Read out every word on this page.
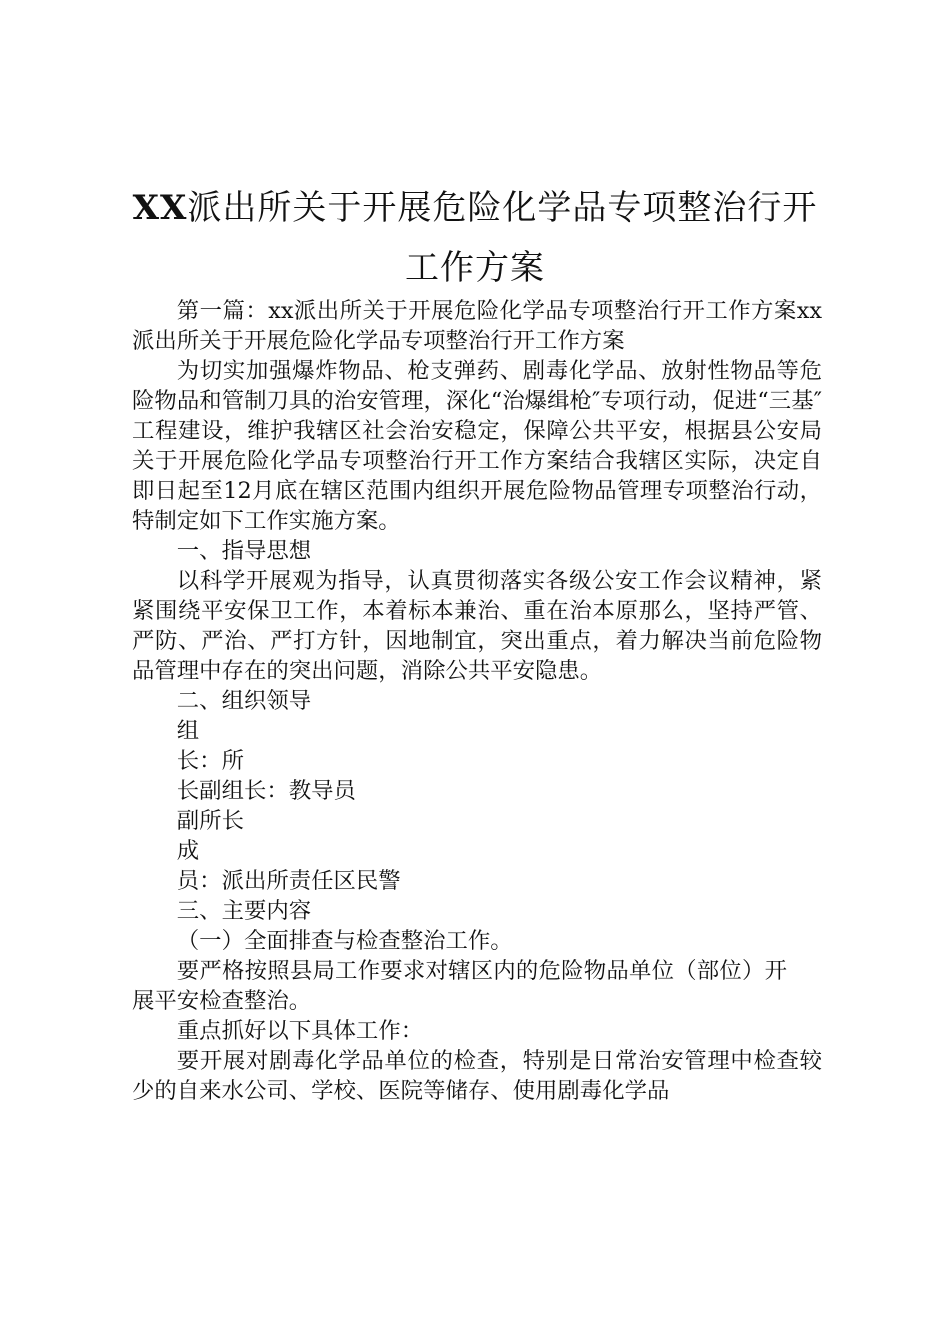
XX派出所关于开展危险化学品专项整治行开
工作方案

第一篇：xx派出所关于开展危险化学品专项整治行开工作方案xx派出所关于开展危险化学品专项整治行开工作方案

为切实加强爆炸物品、枪支弹药、剧毒化学品、放射性物品等危险物品和管制刀具的治安管理，深化“治爆缉枪″专项行动，促进“三基″工程建设，维护我辖区社会治安稳定，保障公共平安，根据县公安局关于开展危险化学品专项整治行开工作方案结合我辖区实际，决定自即日起至12月底在辖区范围内组织开展危险物品管理专项整治行动，特制定如下工作实施方案。

一、指导思想

以科学开展观为指导，认真贯彻落实各级公安工作会议精神，紧紧围绕平安保卫工作，本着标本兼治、重在治本原那么，坚持严管、严防、严治、严打方针，因地制宜，突出重点，着力解决当前危险物品管理中存在的突出问题，消除公共平安隐患。

二、组织领导

组

长：所

长副组长：教导员

副所长

成

员：派出所责任区民警

三、主要内容

（一）全面排查与检查整治工作。

要严格按照县局工作要求对辖区内的危险物品单位（部位）开展平安检查整治。

重点抓好以下具体工作：

要开展对剧毒化学品单位的检查，特别是日常治安管理中检查较少的自来水公司、学校、医院等储存、使用剧毒化学品
